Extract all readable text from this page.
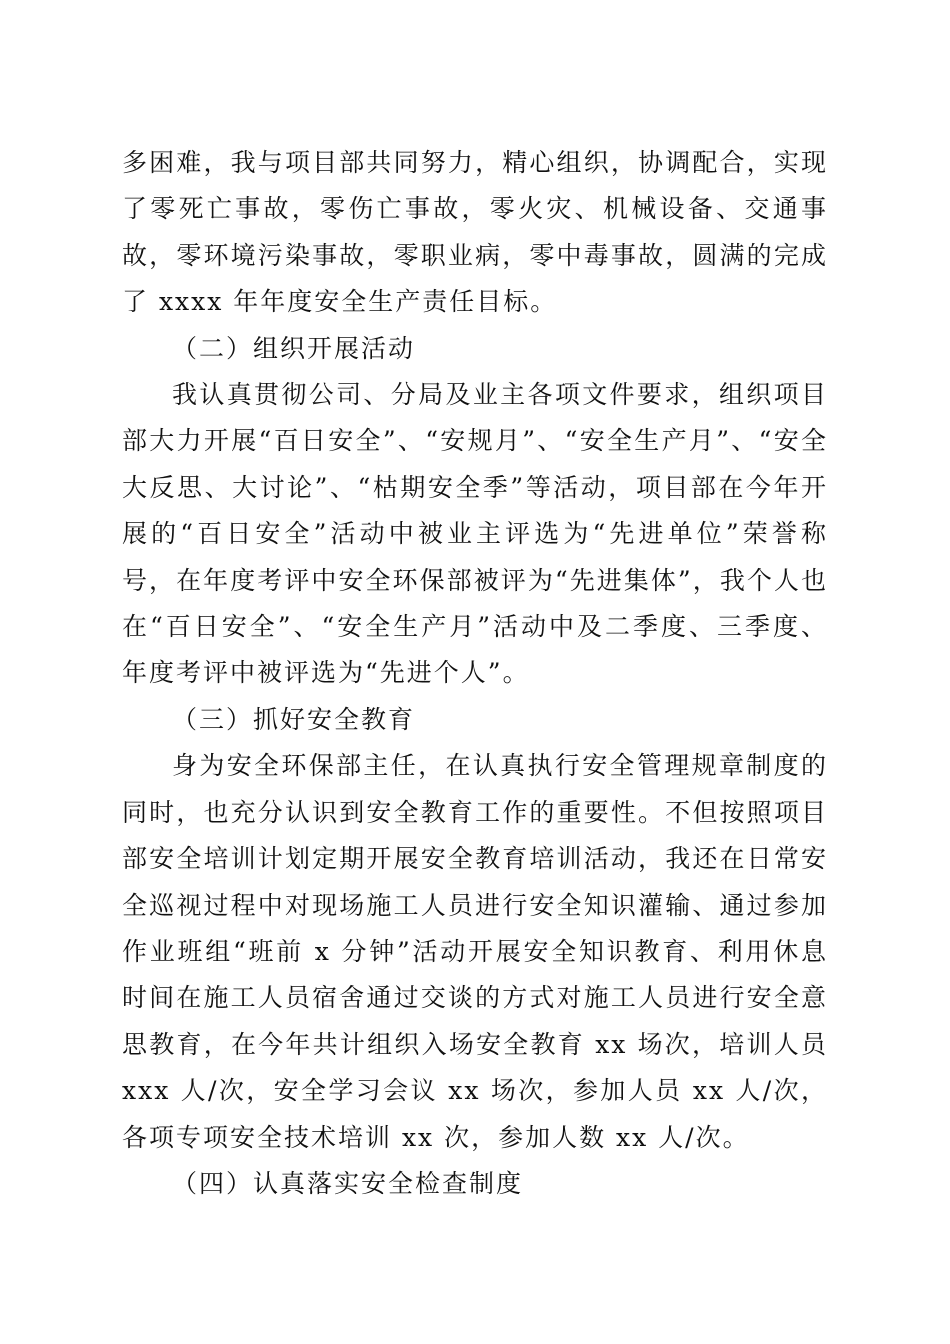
多困难，我与项目部共同努力，精心组织，协调配合，实现了零死亡事故，零伤亡事故，零火灾、机械设备、交通事故，零环境污染事故，零职业病，零中毒事故，圆满的完成了 xxxx 年年度安全生产责任目标。

（二）组织开展活动

我认真贯彻公司、分局及业主各项文件要求，组织项目部大力开展“百日安全”、“安规月”、“安全生产月”、“安全大反思、大讨论”、“枯期安全季”等活动，项目部在今年开展的“百日安全”活动中被业主评选为“先进单位”荣誉称号，在年度考评中安全环保部被评为“先进集体”，我个人也在“百日安全”、“安全生产月”活动中及二季度、三季度、年度考评中被评选为“先进个人”。

（三）抓好安全教育

身为安全环保部主任，在认真执行安全管理规章制度的同时，也充分认识到安全教育工作的重要性。不但按照项目部安全培训计划定期开展安全教育培训活动，我还在日常安全巡视过程中对现场施工人员进行安全知识灌输、通过参加作业班组“班前 x 分钟”活动开展安全知识教育、利用休息时间在施工人员宿舍通过交谈的方式对施工人员进行安全意思教育，在今年共计组织入场安全教育 xx 场次，培训人员 xxx 人/次，安全学习会议 xx 场次，参加人员 xx 人/次，各项专项安全技术培训 xx 次，参加人数 xx 人/次。

（四）认真落实安全检查制度
